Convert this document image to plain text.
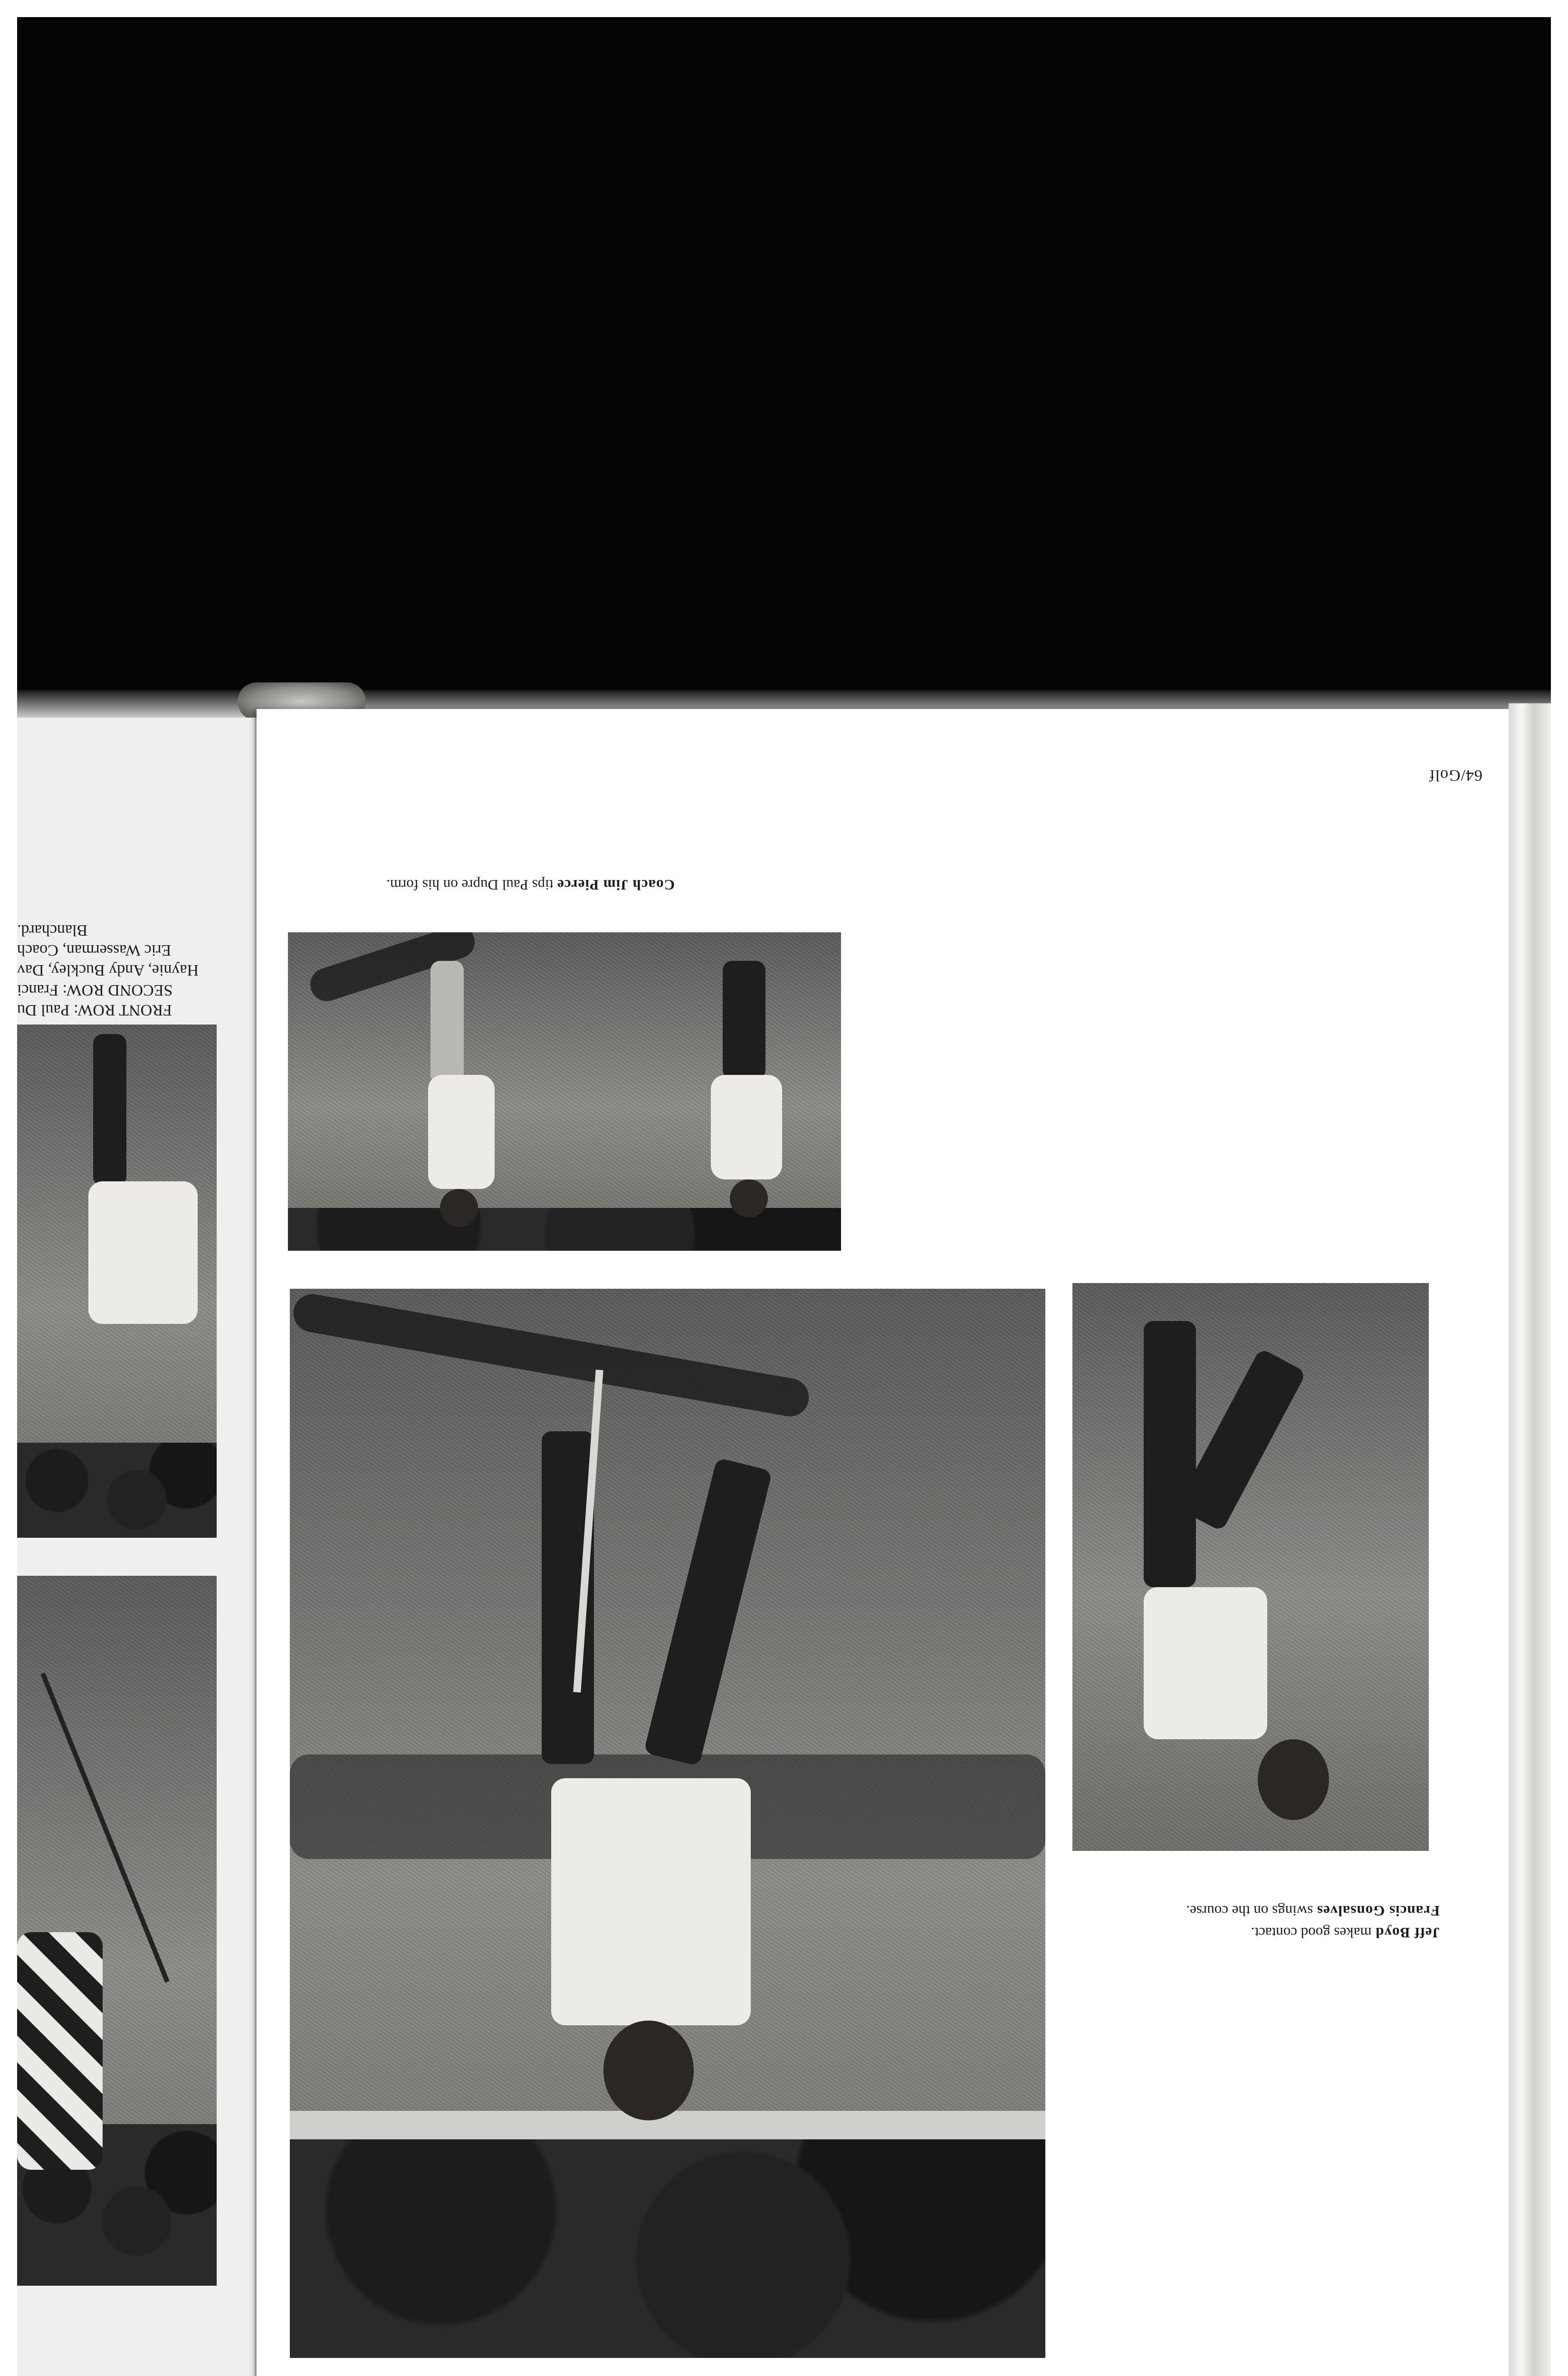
64/Golf
Coach Jim Pierce tips Paul Dupre on his form.
Jeff Boyd makes good contact.
Francis Gonsalves swings on the course.
FRONT ROW: Paul Du
SECOND ROW: Franci
Haynie, Andy Buckley, Dav
Eric Wasserman, Coach
Blanchard.
